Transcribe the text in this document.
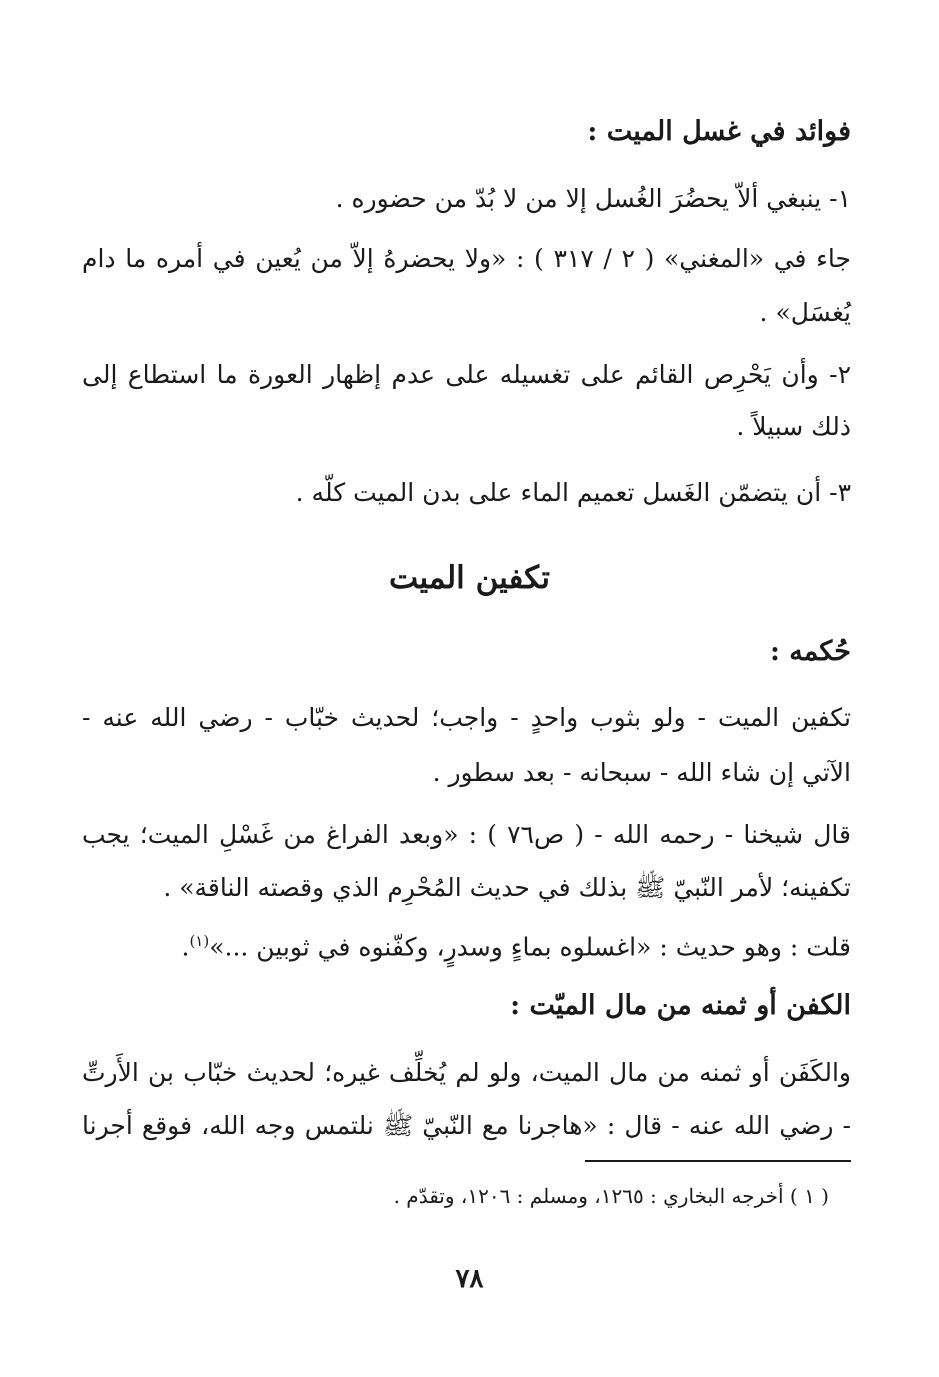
فوائد في غسل الميت :
١- ينبغي ألاّ يحضُرَ الغُسل إلا من لا بُدّ من حضوره .
جاء في «المغني» ( ٢ / ٣١٧ ) : «ولا يحضرهُ إلاّ من يُعين في أمره ما دام
يُغسَل» .
٢- وأن يَحْرِص القائم على تغسيله على عدم إظهار العورة ما استطاع إلى
ذلك سبيلاً .
٣- أن يتضمّن الغَسل تعميم الماء على بدن الميت كلّه .
تكفين الميت
حُكمه :
تكفين الميت - ولو بثوب واحدٍ - واجب؛ لحديث خبّاب - رضي الله عنه -
الآتي إن شاء الله - سبحانه - بعد سطور .
قال شيخنا - رحمه الله - ( ص٧٦ ) : «وبعد الفراغ من غَسْلِ الميت؛ يجب
تكفينه؛ لأمر النّبيّ ﷺ بذلك في حديث المُحْرِم الذي وقصته الناقة» .
قلت : وهو حديث : «اغسلوه بماءٍ وسدرٍ، وكفّنوه في ثوبين ...»$^{(١)}$.
الكفن أو ثمنه من مال الميّت :
والكَفَن أو ثمنه من مال الميت، ولو لم يُخلِّف غيره؛ لحديث خبّاب بن الأَرتِّ
- رضي الله عنه - قال : «هاجرنا مع النّبيّ ﷺ نلتمس وجه الله، فوقع أجرنا
( ١ ) أخرجه البخاري : ١٢٦٥، ومسلم : ١٢٠٦، وتقدّم .
٧٨
